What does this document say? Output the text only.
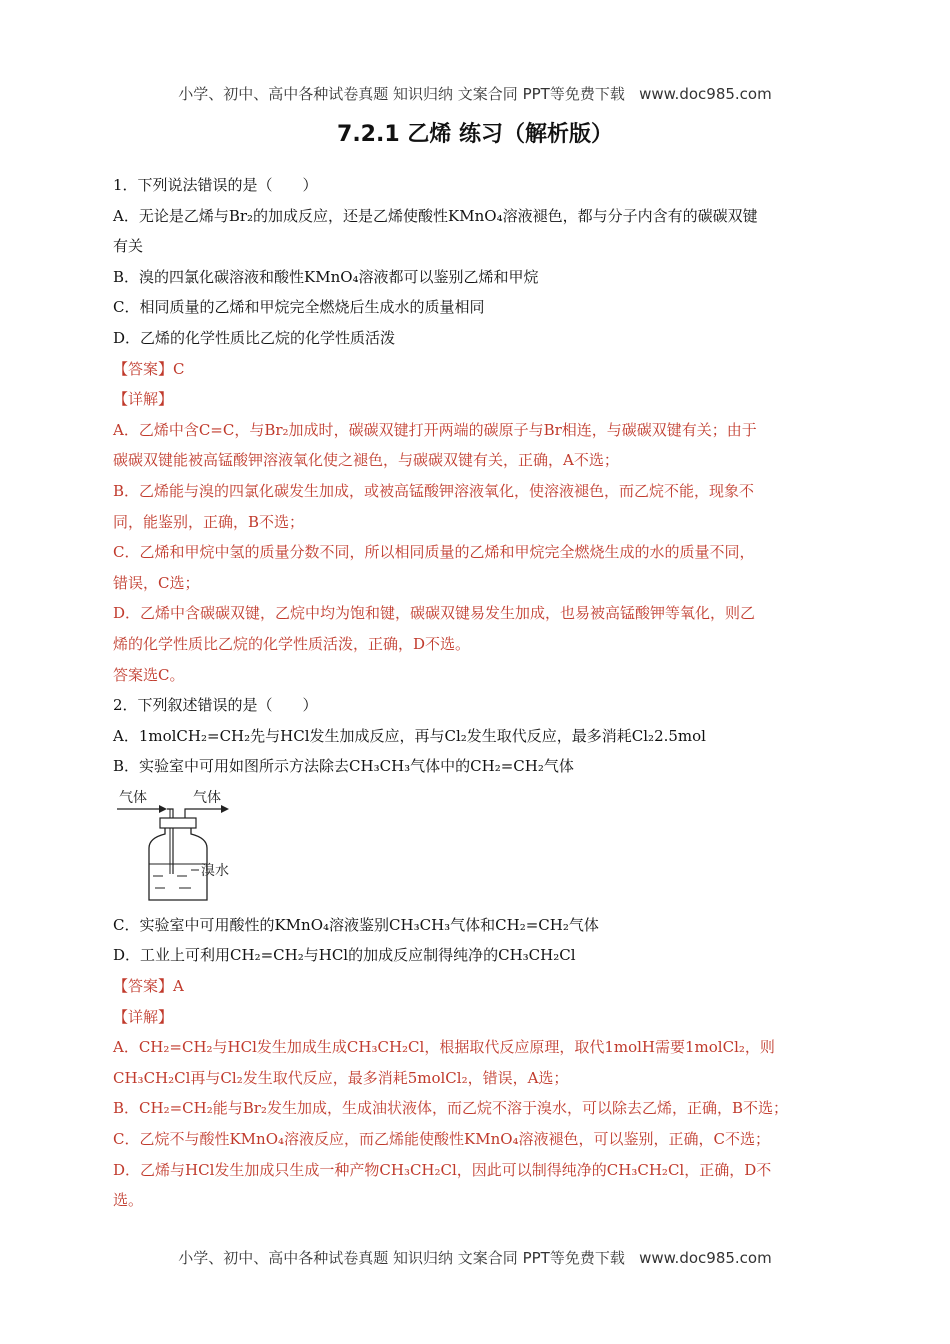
小学、初中、高中各种试卷真题 知识归纳 文案合同 PPT等免费下载   www.doc985.com
7.2.1 乙烯 练习（解析版）
1．下列说法错误的是（　　）
A．无论是乙烯与Br₂的加成反应，还是乙烯使酸性KMnO₄溶液褪色，都与分子内含有的碳碳双键
有关
B．溴的四氯化碳溶液和酸性KMnO₄溶液都可以鉴别乙烯和甲烷
C．相同质量的乙烯和甲烷完全燃烧后生成水的质量相同
D．乙烯的化学性质比乙烷的化学性质活泼
【答案】C
【详解】
A．乙烯中含C=C，与Br₂加成时，碳碳双键打开两端的碳原子与Br相连，与碳碳双键有关；由于
碳碳双键能被高锰酸钾溶液氧化使之褪色，与碳碳双键有关，正确，A不选；
B．乙烯能与溴的四氯化碳发生加成，或被高锰酸钾溶液氧化，使溶液褪色，而乙烷不能，现象不
同，能鉴别，正确，B不选；
C．乙烯和甲烷中氢的质量分数不同，所以相同质量的乙烯和甲烷完全燃烧生成的水的质量不同，
错误，C选；
D．乙烯中含碳碳双键，乙烷中均为饱和键，碳碳双键易发生加成，也易被高锰酸钾等氧化，则乙
烯的化学性质比乙烷的化学性质活泼，正确，D不选。
答案选C。
2．下列叙述错误的是（　　）
A．1molCH₂=CH₂先与HCl发生加成反应，再与Cl₂发生取代反应，最多消耗Cl₂2.5mol
B．实验室中可用如图所示方法除去CH₃CH₃气体中的CH₂=CH₂气体
气体	气体
溴水
C．实验室中可用酸性的KMnO₄溶液鉴别CH₃CH₃气体和CH₂=CH₂气体
D．工业上可利用CH₂=CH₂与HCl的加成反应制得纯净的CH₃CH₂Cl
【答案】A
【详解】
A．CH₂=CH₂与HCl发生加成生成CH₃CH₂Cl，根据取代反应原理，取代1molH需要1molCl₂，则
CH₃CH₂Cl再与Cl₂发生取代反应，最多消耗5molCl₂，错误，A选；
B．CH₂=CH₂能与Br₂发生加成，生成油状液体，而乙烷不溶于溴水，可以除去乙烯，正确，B不选；
C．乙烷不与酸性KMnO₄溶液反应，而乙烯能使酸性KMnO₄溶液褪色，可以鉴别，正确，C不选；
D．乙烯与HCl发生加成只生成一种产物CH₃CH₂Cl，因此可以制得纯净的CH₃CH₂Cl，正确，D不
选。
小学、初中、高中各种试卷真题 知识归纳 文案合同 PPT等免费下载   www.doc985.com
